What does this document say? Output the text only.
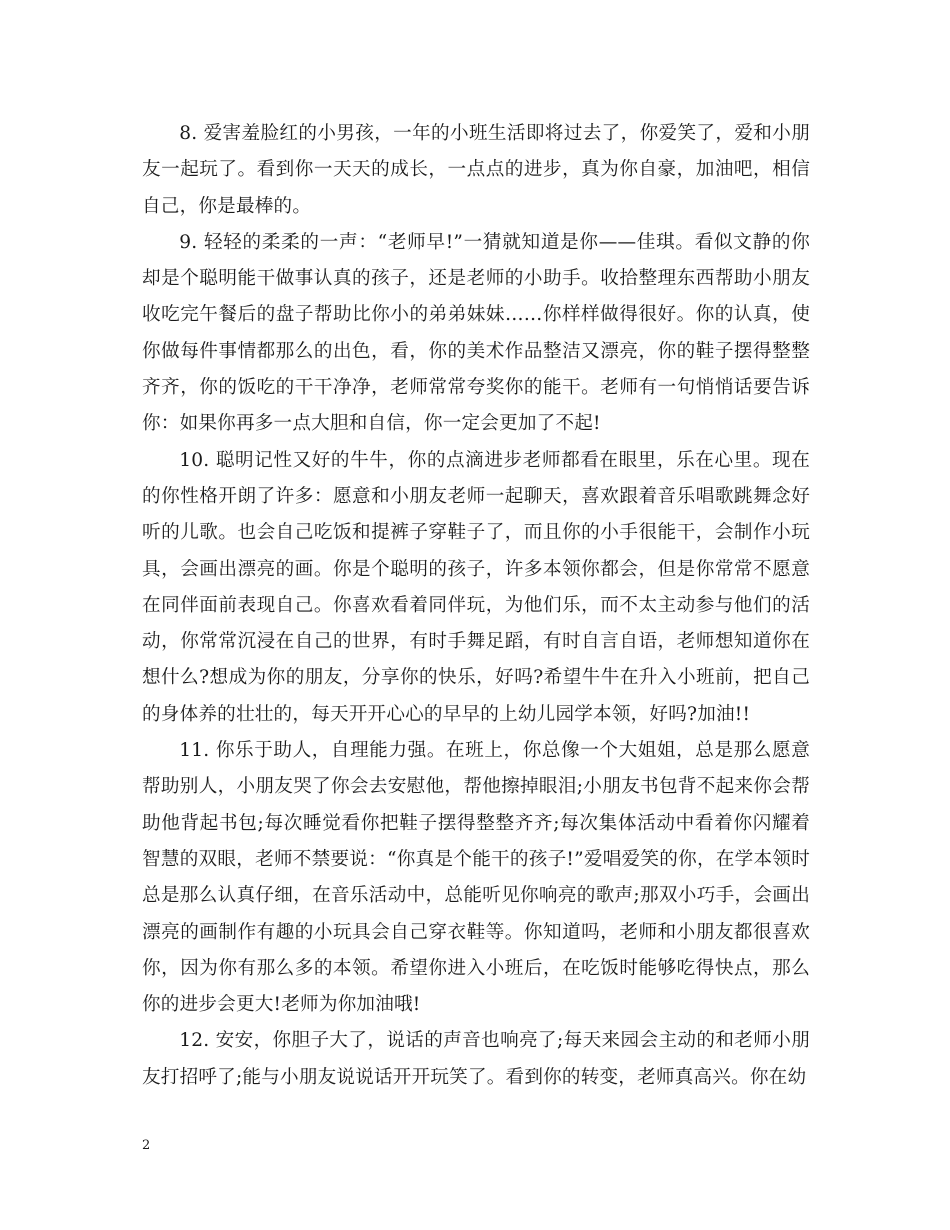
8. 爱害羞脸红的小男孩，一年的小班生活即将过去了，你爱笑了，爱和小朋友一起玩了。看到你一天天的成长，一点点的进步，真为你自豪，加油吧，相信自己，你是最棒的。

9. 轻轻的柔柔的一声：“老师早!”一猜就知道是你——佳琪。看似文静的你却是个聪明能干做事认真的孩子，还是老师的小助手。收拾整理东西帮助小朋友收吃完午餐后的盘子帮助比你小的弟弟妹妹……你样样做得很好。你的认真，使你做每件事情都那么的出色，看，你的美术作品整洁又漂亮，你的鞋子摆得整整齐齐，你的饭吃的干干净净，老师常常夸奖你的能干。老师有一句悄悄话要告诉你：如果你再多一点大胆和自信，你一定会更加了不起!

10. 聪明记性又好的牛牛，你的点滴进步老师都看在眼里，乐在心里。现在的你性格开朗了许多：愿意和小朋友老师一起聊天，喜欢跟着音乐唱歌跳舞念好听的儿歌。也会自己吃饭和提裤子穿鞋子了，而且你的小手很能干，会制作小玩具，会画出漂亮的画。你是个聪明的孩子，许多本领你都会，但是你常常不愿意在同伴面前表现自己。你喜欢看着同伴玩，为他们乐，而不太主动参与他们的活动，你常常沉浸在自己的世界，有时手舞足蹈，有时自言自语，老师想知道你在想什么?想成为你的朋友，分享你的快乐，好吗?希望牛牛在升入小班前，把自己的身体养的壮壮的，每天开开心心的早早的上幼儿园学本领，好吗?加油!!

11. 你乐于助人，自理能力强。在班上，你总像一个大姐姐，总是那么愿意帮助别人，小朋友哭了你会去安慰他，帮他擦掉眼泪;小朋友书包背不起来你会帮助他背起书包;每次睡觉看你把鞋子摆得整整齐齐;每次集体活动中看着你闪耀着智慧的双眼，老师不禁要说：“你真是个能干的孩子!”爱唱爱笑的你，在学本领时总是那么认真仔细，在音乐活动中，总能听见你响亮的歌声;那双小巧手，会画出漂亮的画制作有趣的小玩具会自己穿衣鞋等。你知道吗，老师和小朋友都很喜欢你，因为你有那么多的本领。希望你进入小班后，在吃饭时能够吃得快点，那么你的进步会更大!老师为你加油哦!

12. 安安，你胆子大了，说话的声音也响亮了;每天来园会主动的和老师小朋友打招呼了;能与小朋友说说话开开玩笑了。看到你的转变，老师真高兴。你在幼

2
